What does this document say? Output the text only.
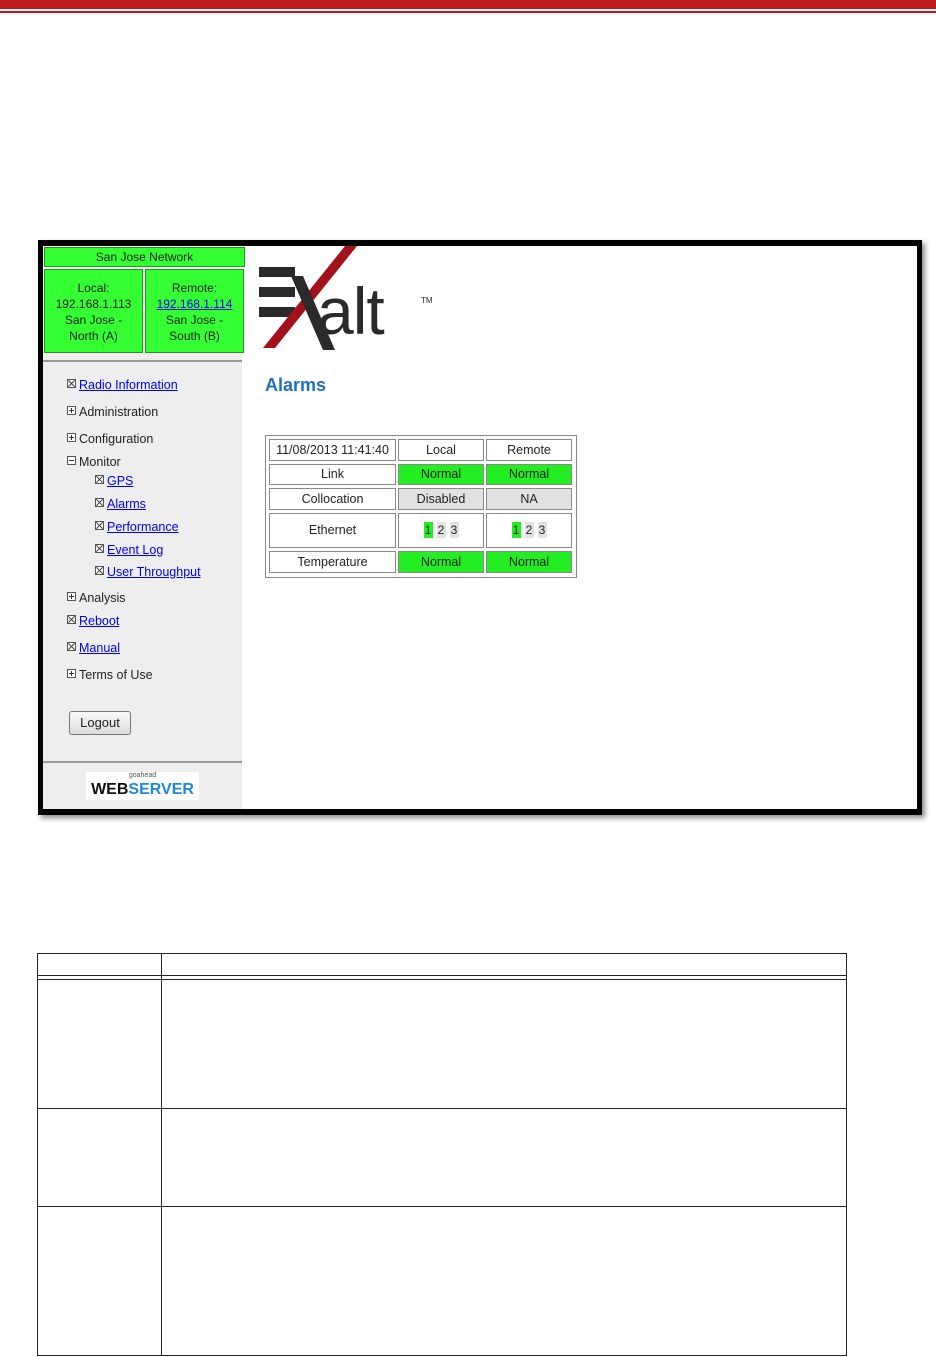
San Jose Network
Local:
192.168.1.113
San Jose -
North (A)
Remote:
192.168.1.114
San Jose -
South (B)
Radio Information
Administration
Configuration
Monitor
GPS
Alarms
Performance
Event Log
User Throughput
Analysis
Reboot
Manual
Terms of Use
Logout
goahead
WEBSERVER
alt	TM
Alarms
11/08/2013 11:41:40	Local	Remote
Link	Normal	Normal
Collocation	Disabled	NA
Ethernet	1 2 3	1 2 3
Temperature	Normal	Normal
